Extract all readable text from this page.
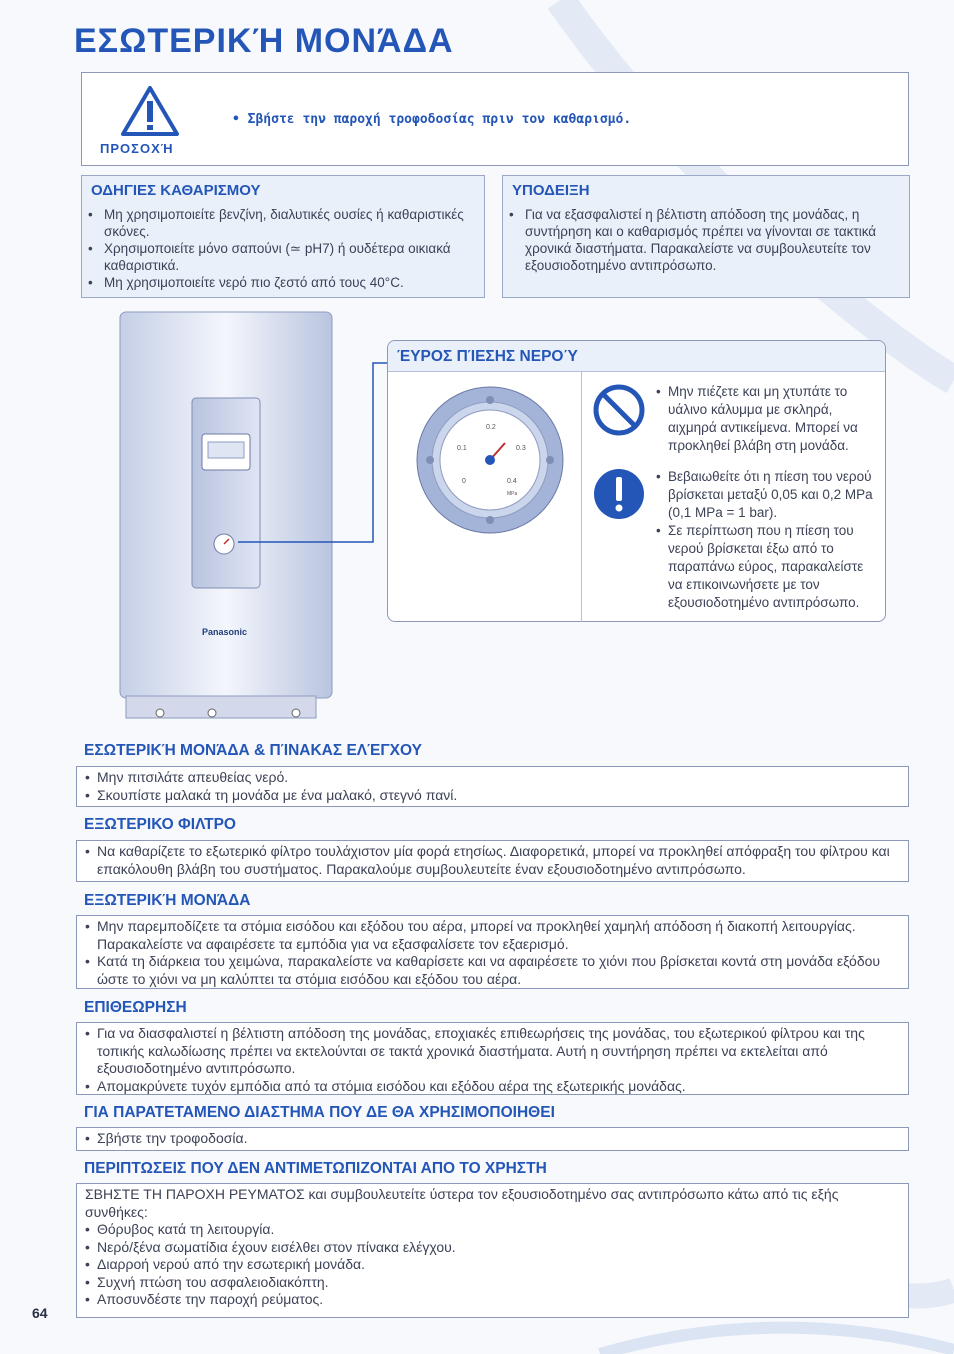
ΕΣΩΤΕΡΙΚΉ ΜΟΝΆΔΑ
ΠΡΟΣΟΧΉ
• Σβήστε την παροχή τροφοδοσίας πριν τον καθαρισμό.
ΟΔΗΓΙΕΣ ΚΑΘΑΡΙΣΜΟΥ
• Μη χρησιμοποιείτε βενζίνη, διαλυτικές ουσίες ή καθαριστικές σκόνες.
• Χρησιμοποιείτε μόνο σαπούνι (≃ pH7) ή ουδέτερα οικιακά καθαριστικά.
• Μη χρησιμοποιείτε νερό πιο ζεστό από τους 40°C.
ΥΠΟΔΕΙΞΗ
• Για να εξασφαλιστεί η βέλτιστη απόδοση της μονάδας, η συντήρηση και ο καθαρισμός πρέπει να γίνονται σε τακτικά χρονικά διαστήματα. Παρακαλείστε να συμβουλευτείτε τον εξουσιοδοτημένο αντιπρόσωπο.
Panasonic
ΈΥΡΟΣ ΠΊΕΣΗΣ ΝΕΡΟΎ
0.1
0.2
0.3
0	0.4
MPa
• Μην πιέζετε και μη χτυπάτε το υάλινο κάλυμμα με σκληρά, αιχμηρά αντικείμενα. Μπορεί να προκληθεί βλάβη στη μονάδα.
• Βεβαιωθείτε ότι η πίεση του νερού βρίσκεται μεταξύ 0,05 και 0,2 MPa (0,1 MPa = 1 bar).
• Σε περίπτωση που η πίεση του νερού βρίσκεται έξω από το παραπάνω εύρος, παρακαλείστε να επικοινωνήσετε με τον εξουσιοδοτημένο αντιπρόσωπο.
ΕΣΩΤΕΡΙΚΉ ΜΟΝΆΔΑ & ΠΊΝΑΚΑΣ ΕΛΈΓΧΟΥ
• Μην πιτσιλάτε απευθείας νερό.
• Σκουπίστε μαλακά τη μονάδα με ένα μαλακό, στεγνό πανί.
ΕΞΩΤΕΡΙΚΟ ΦΙΛΤΡΟ
• Να καθαρίζετε το εξωτερικό φίλτρο τουλάχιστον μία φορά ετησίως. Διαφορετικά, μπορεί να προκληθεί απόφραξη του φίλτρου και επακόλουθη βλάβη του συστήματος. Παρακαλούμε συμβουλευτείτε έναν εξουσιοδοτημένο αντιπρόσωπο.
ΕΞΩΤΕΡΙΚΉ ΜΟΝΆΔΑ
• Μην παρεμποδίζετε τα στόμια εισόδου και εξόδου του αέρα, μπορεί να προκληθεί χαμηλή απόδοση ή διακοπή λειτουργίας. Παρακαλείστε να αφαιρέσετε τα εμπόδια για να εξασφαλίσετε τον εξαερισμό.
• Κατά τη διάρκεια του χειμώνα, παρακαλείστε να καθαρίσετε και να αφαιρέσετε το χιόνι που βρίσκεται κοντά στη μονάδα εξόδου ώστε το χιόνι να μη καλύπτει τα στόμια εισόδου και εξόδου του αέρα.
ΕΠΙΘΕΩΡΗΣΗ
• Για να διασφαλιστεί η βέλτιστη απόδοση της μονάδας, εποχιακές επιθεωρήσεις της μονάδας, του εξωτερικού φίλτρου και της τοπικής καλωδίωσης πρέπει να εκτελούνται σε τακτά χρονικά διαστήματα. Αυτή η συντήρηση πρέπει να εκτελείται από εξουσιοδοτημένο αντιπρόσωπο.
• Απομακρύνετε τυχόν εμπόδια από τα στόμια εισόδου και εξόδου αέρα της εξωτερικής μονάδας.
ΓΙΑ ΠΑΡΑΤΕΤΑΜΕΝΟ ΔΙΑΣΤΗΜΑ ΠΟΥ ΔΕ ΘΑ ΧΡΗΣΙΜΟΠΟΙΗΘΕΙ
• Σβήστε την τροφοδοσία.
ΠΕΡΙΠΤΩΣΕΙΣ ΠΟΥ ΔΕΝ ΑΝΤΙΜΕΤΩΠΙΖΟΝΤΑΙ ΑΠΟ ΤΟ ΧΡΗΣΤΗ

ΣΒΗΣΤΕ ΤΗ ΠΑΡΟΧΗ ΡΕΥΜΑΤΟΣ και συμβουλευτείτε ύστερα τον εξουσιοδοτημένο σας αντιπρόσωπο κάτω από τις εξής συνθήκες:

• Θόρυβος κατά τη λειτουργία.
• Νερό/ξένα σωματίδια έχουν εισέλθει στον πίνακα ελέγχου.
• Διαρροή νερού από την εσωτερική μονάδα.
• Συχνή πτώση του ασφαλειοδιακόπτη.
• Αποσυνδέστε την παροχή ρεύματος.
64
